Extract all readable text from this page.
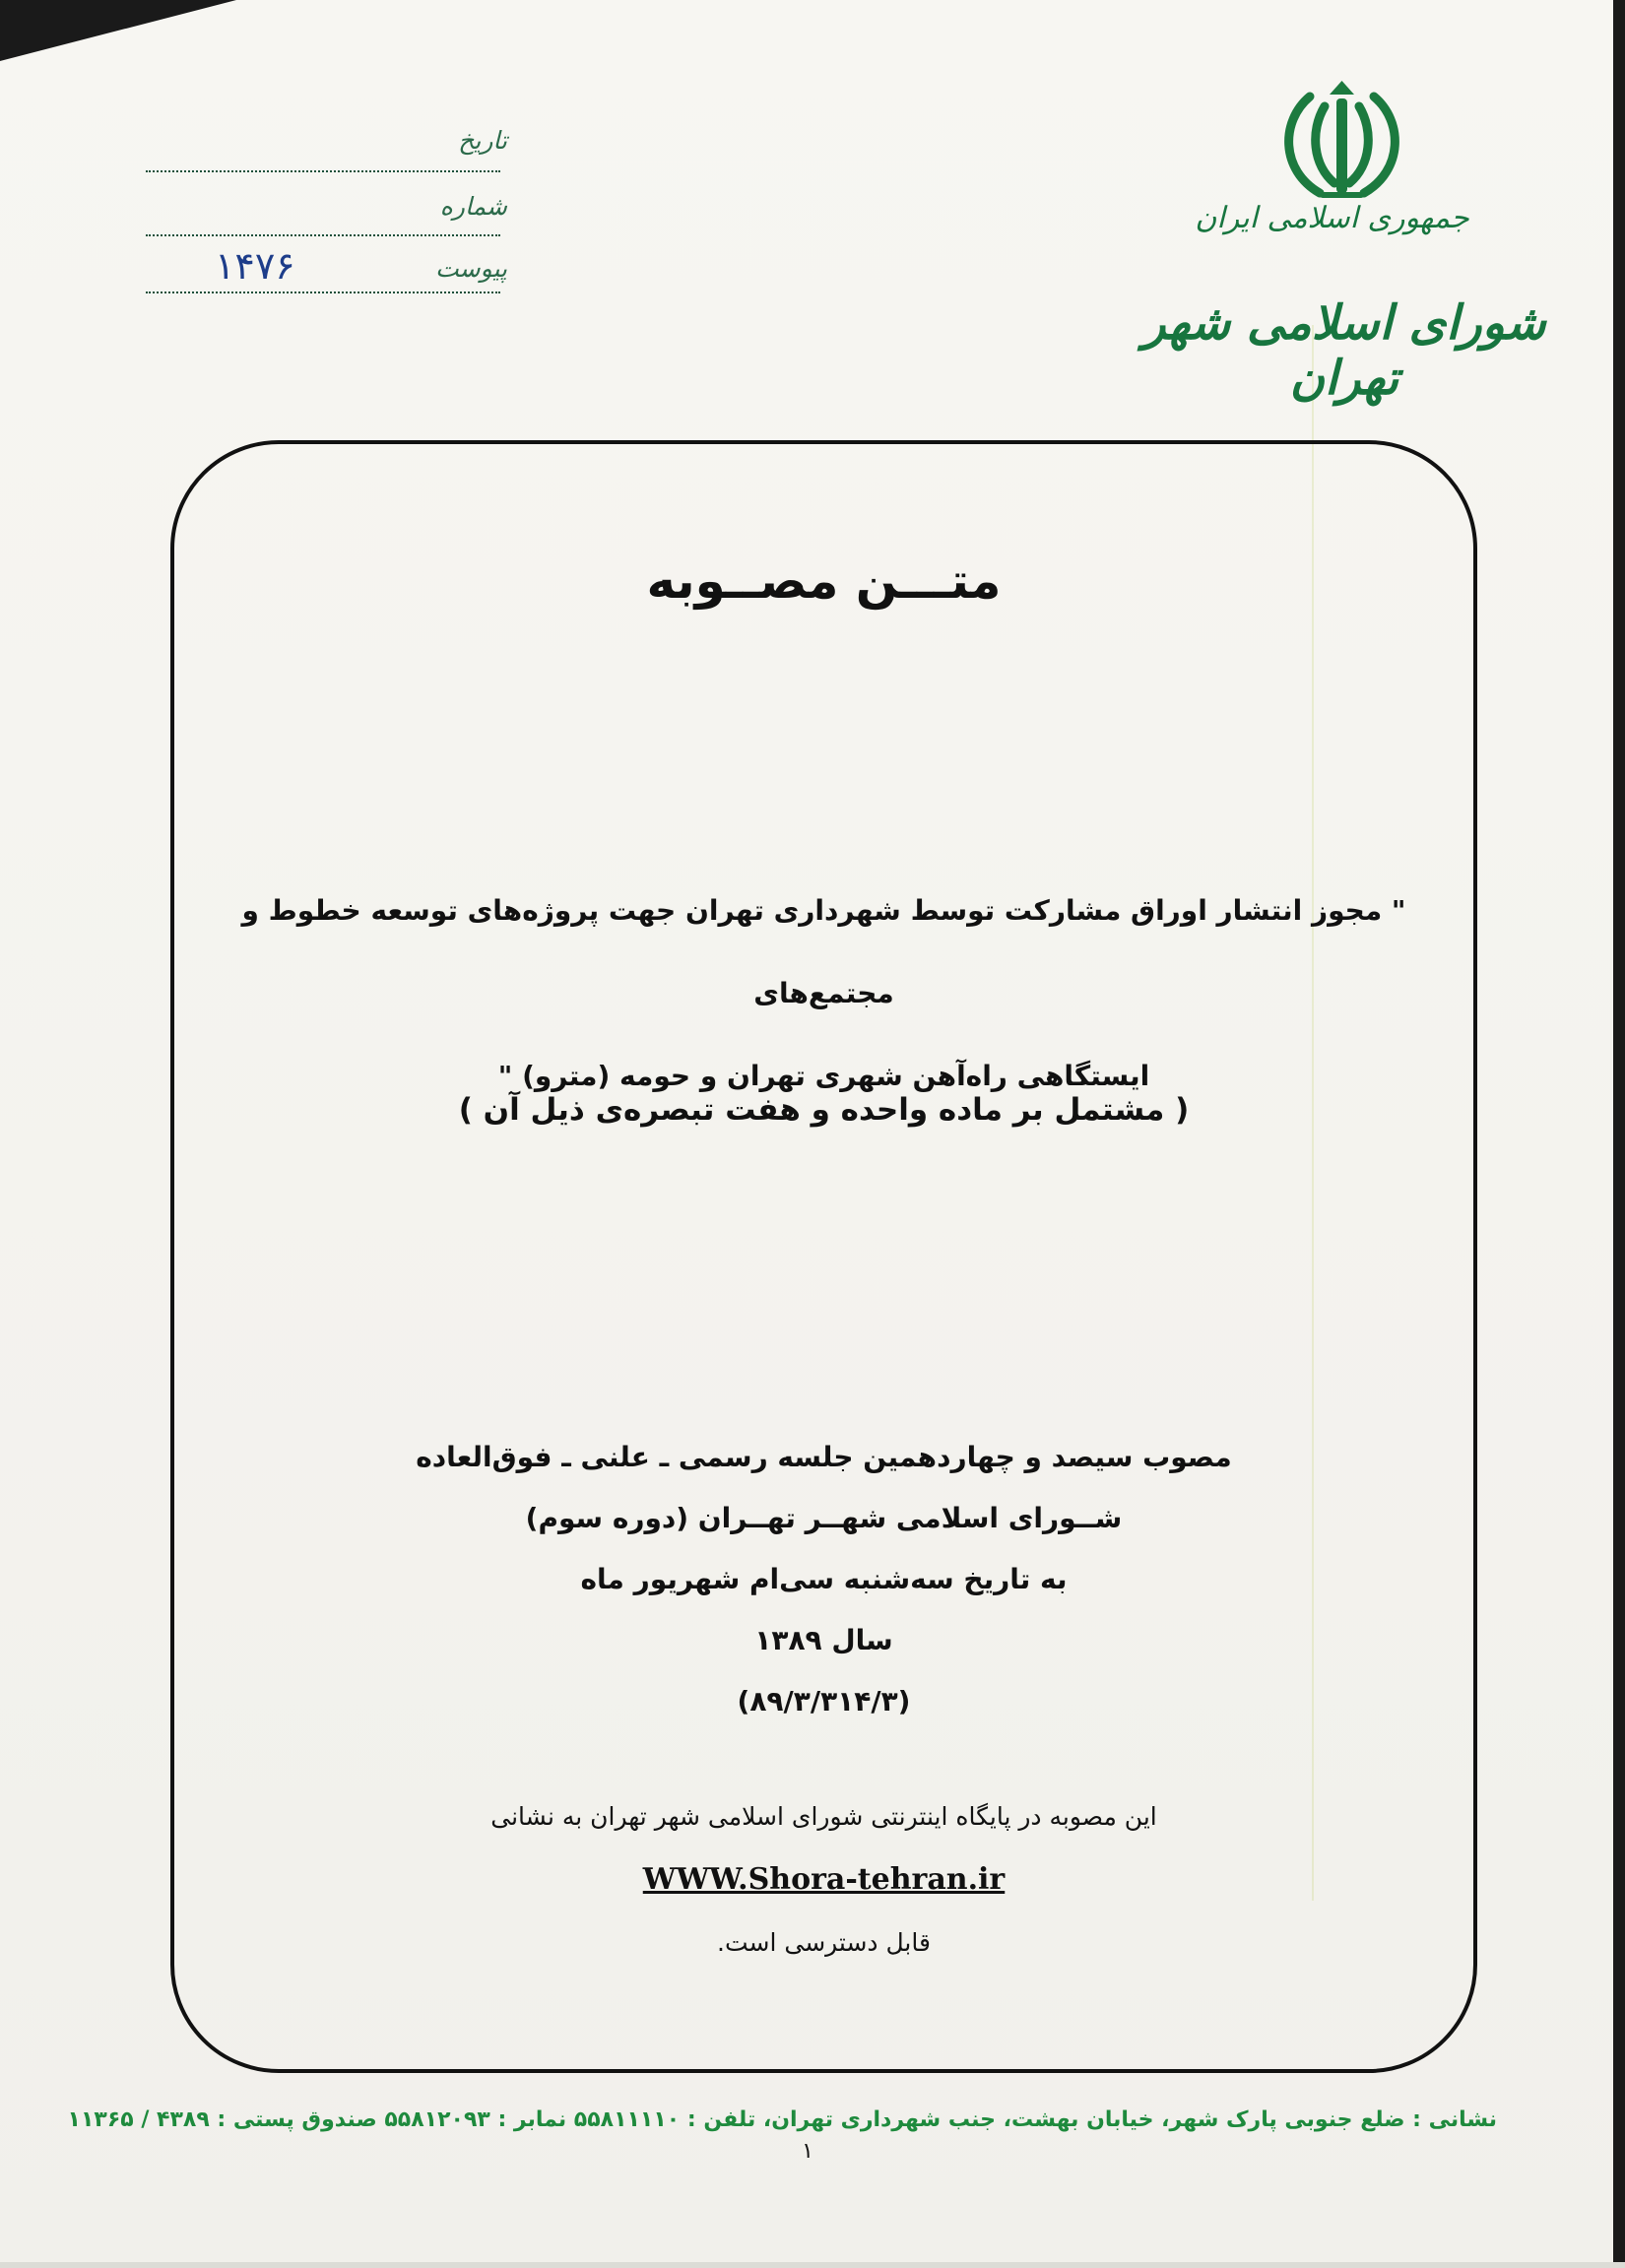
تاریخ
شماره
۱۴۷۶	پیوست
جمهوری اسلامی ایران
شورای اسلامی شهر تهران
متـــن مصــوبه
" مجوز انتشار اوراق مشارکت توسط شهرداری تهران جهت پروژه‌های توسعه خطوط و مجتمع‌های
ایستگاهی راه‌آهن شهری تهران و حومه (مترو) "
( مشتمل بر ماده واحده و هفت تبصره‌ی ذیل آن )
مصوب سیصد و چهاردهمین جلسه رسمی ـ علنی ـ فوق‌العاده
شــورای اسلامی شهــر تهــران (دوره سوم)
به تاریخ سه‌شنبه سی‌ام شهریور ماه
سال ۱۳۸۹
(۸۹/۳/۳۱۴/۳)
این مصوبه در پایگاه اینترنتی شورای اسلامی شهر تهران به نشانی
WWW.Shora-tehran.ir
قابل دسترسی است.
نشانی : ضلع جنوبی پارک شهر، خیابان بهشت، جنب شهرداری تهران، تلفن : ۵۵۸۱۱۱۱۰ نمابر : ۵۵۸۱۲۰۹۳ صندوق پستی : ۴۳۸۹ / ۱۱۳۶۵
۱
